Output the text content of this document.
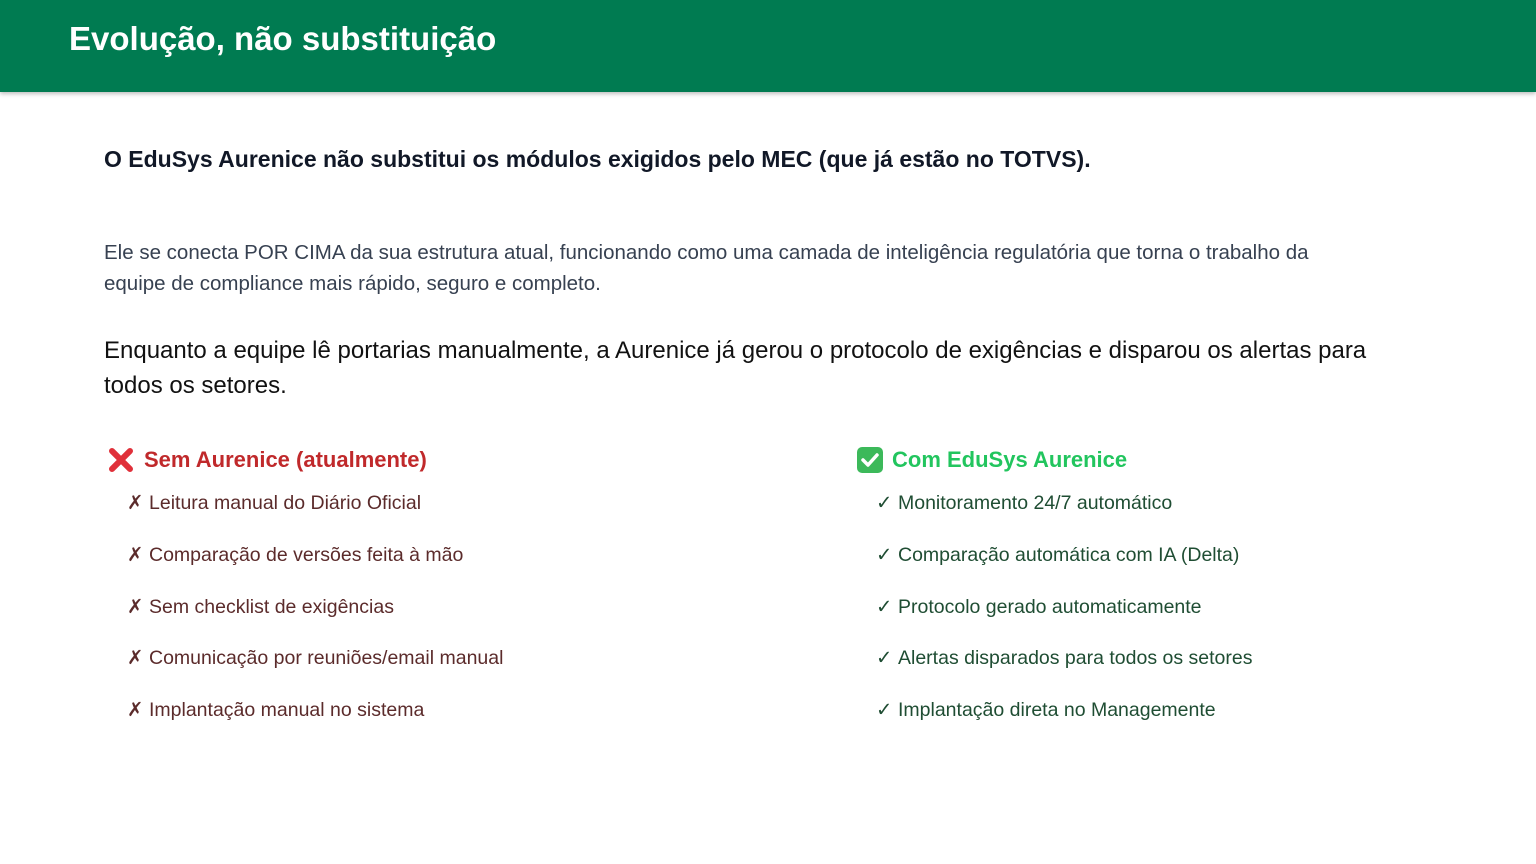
Evolução, não substituição
O EduSys Aurenice não substitui os módulos exigidos pelo MEC (que já estão no TOTVS).
Ele se conecta POR CIMA da sua estrutura atual, funcionando como uma camada de inteligência regulatória que torna o trabalho da equipe de compliance mais rápido, seguro e completo.
Enquanto a equipe lê portarias manualmente, a Aurenice já gerou o protocolo de exigências e disparou os alertas para todos os setores.
Sem Aurenice (atualmente)
✗ Leitura manual do Diário Oficial
✗ Comparação de versões feita à mão
✗ Sem checklist de exigências
✗ Comunicação por reuniões/email manual
✗ Implantação manual no sistema
Com EduSys Aurenice
✓ Monitoramento 24/7 automático
✓ Comparação automática com IA (Delta)
✓ Protocolo gerado automaticamente
✓ Alertas disparados para todos os setores
✓ Implantação direta no Managemente
